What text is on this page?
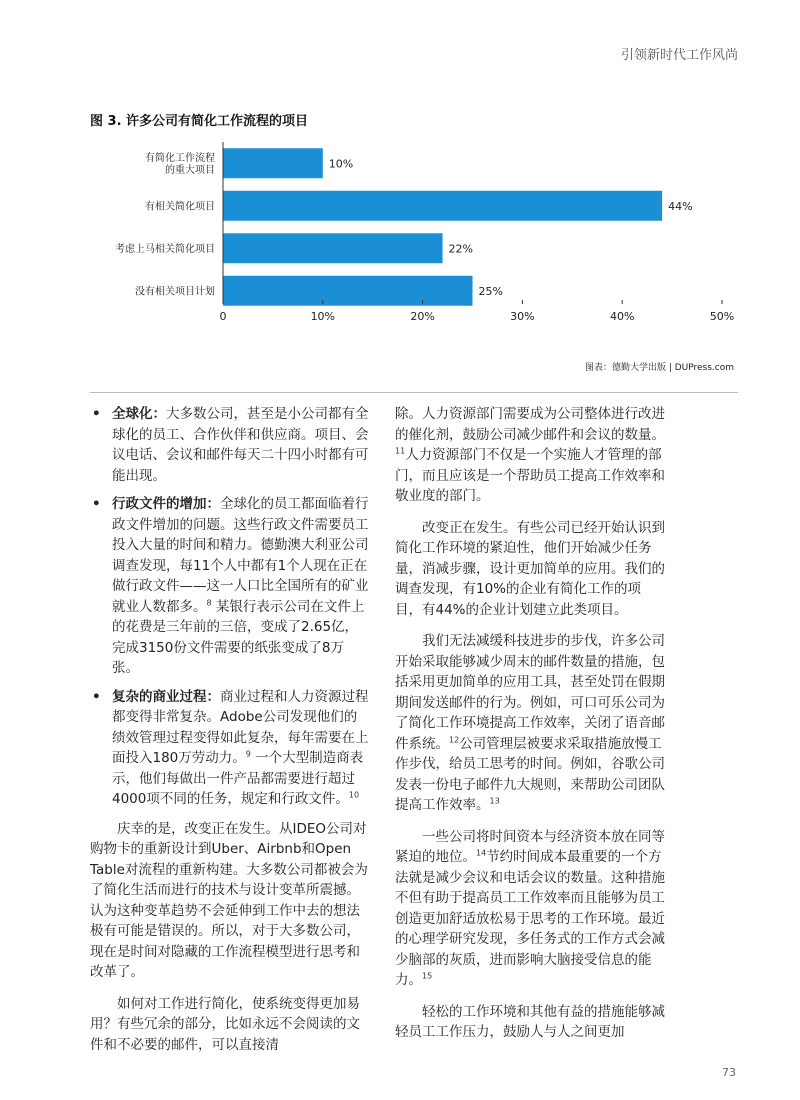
引领新时代工作风尚
图 3. 许多公司有简化工作流程的项目
10%
有简化工作流程
的重大项目
44%
有相关简化项目
22%
考虑上马相关简化项目
25%
没有相关项目计划
0	10%	20%	30%	40%	50%
图表：德勤大学出版 | DUPress.com
• 全球化：大多数公司，甚至是小公司都有全球化的员工、合作伙伴和供应商。项目、会议电话、会议和邮件每天二十四小时都有可能出现。
• 行政文件的增加：全球化的员工都面临着行政文件增加的问题。这些行政文件需要员工投入大量的时间和精力。德勤澳大利亚公司调查发现，每11个人中都有1个人现在正在做行政文件——这一人口比全国所有的矿业就业人数都多。$^8$ 某银行表示公司在文件上的花费是三年前的三倍，变成了2.65亿，完成3150份文件需要的纸张变成了8万张。
• 复杂的商业过程：商业过程和人力资源过程都变得非常复杂。Adobe公司发现他们的绩效管理过程变得如此复杂，每年需要在上面投入180万劳动力。$^9$ 一个大型制造商表示，他们每做出一件产品都需要进行超过4000项不同的任务，规定和行政文件。$^{10}$

庆幸的是，改变正在发生。从IDEO公司对购物卡的重新设计到Uber、Airbnb和Open Table对流程的重新构建。大多数公司都被会为了简化生活而进行的技术与设计变革所震撼。认为这种变革趋势不会延伸到工作中去的想法极有可能是错误的。所以，对于大多数公司，现在是时间对隐藏的工作流程模型进行思考和改革了。

如何对工作进行简化，使系统变得更加易用？有些冗余的部分，比如永远不会阅读的文件和不必要的邮件，可以直接清

除。人力资源部门需要成为公司整体进行改进的催化剂，鼓励公司减少邮件和会议的数量。$^{11}$人力资源部门不仅是一个实施人才管理的部门，而且应该是一个帮助员工提高工作效率和敬业度的部门。

改变正在发生。有些公司已经开始认识到简化工作环境的紧迫性，他们开始减少任务量，消减步骤，设计更加简单的应用。我们的调查发现，有10%的企业有简化工作的项目，有44%的企业计划建立此类项目。

我们无法减缓科技进步的步伐，许多公司开始采取能够减少周末的邮件数量的措施，包括采用更加简单的应用工具，甚至处罚在假期期间发送邮件的行为。例如，可口可乐公司为了简化工作环境提高工作效率，关闭了语音邮件系统。$^{12}$公司管理层被要求采取措施放慢工作步伐，给员工思考的时间。例如，谷歌公司发表一份电子邮件九大规则，来帮助公司团队提高工作效率。$^{13}$

一些公司将时间资本与经济资本放在同等紧迫的地位。$^{14}$节约时间成本最重要的一个方法就是减少会议和电话会议的数量。这种措施不但有助于提高员工工作效率而且能够为员工创造更加舒适放松易于思考的工作环境。最近的心理学研究发现，多任务式的工作方式会减少脑部的灰质，进而影响大脑接受信息的能力。$^{15}$

轻松的工作环境和其他有益的措施能够减轻员工工作压力，鼓励人与人之间更加

73
